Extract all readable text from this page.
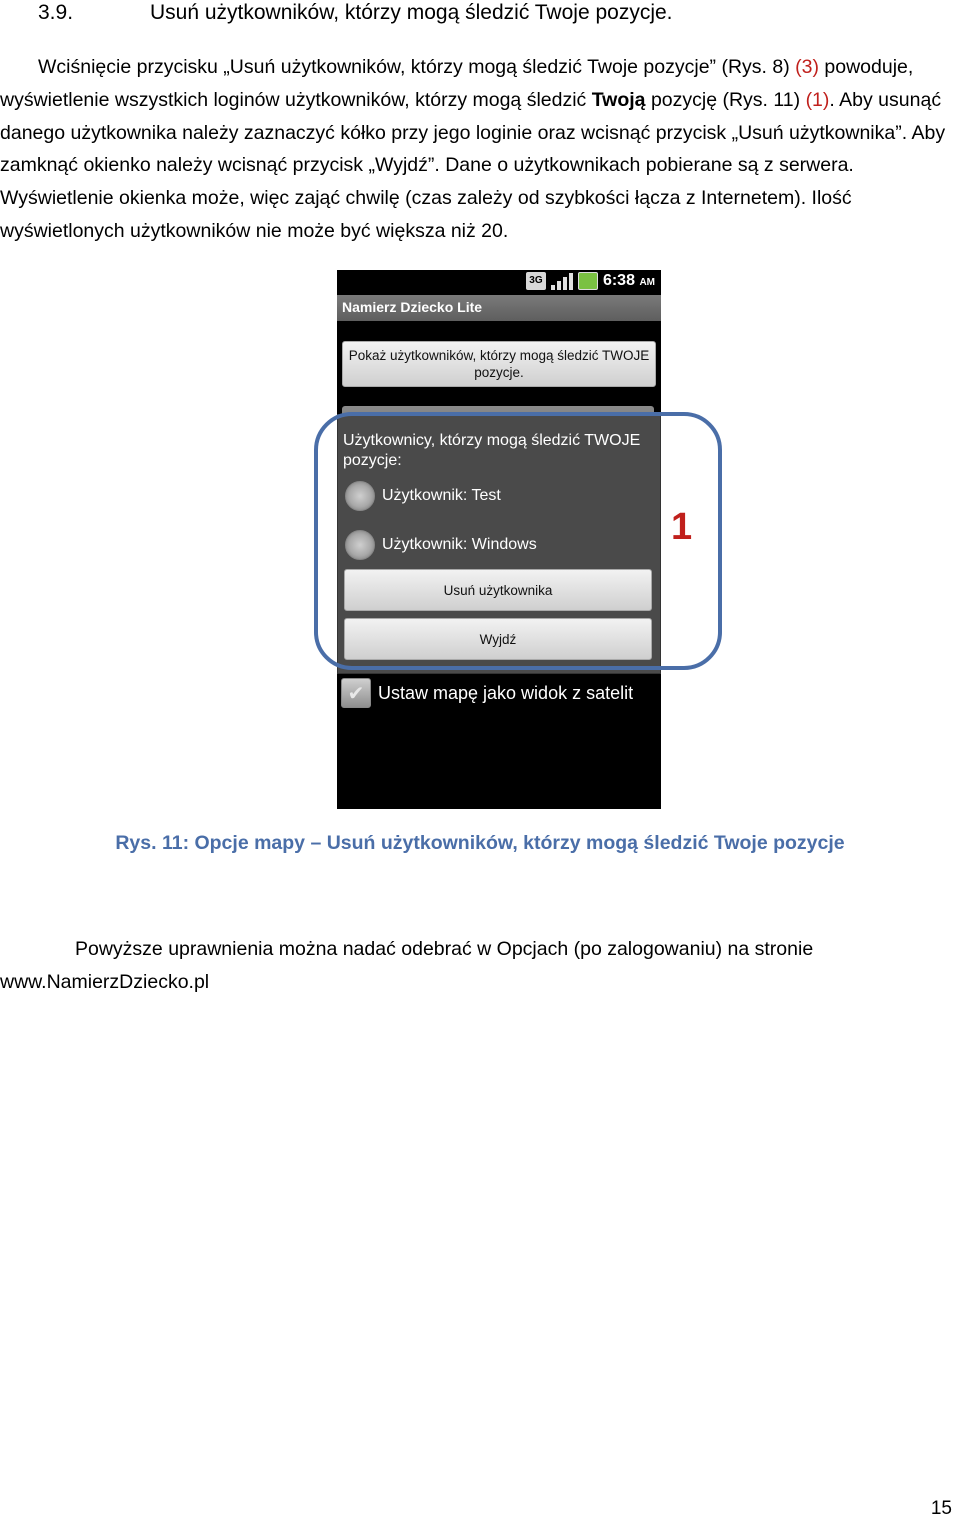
3.9.	Usuń użytkowników, którzy mogą śledzić Twoje pozycje.
Wciśnięcie przycisku „Usuń użytkowników, którzy mogą śledzić Twoje pozycje” (Rys. 8) (3) powoduje, wyświetlenie wszystkich loginów użytkowników, którzy mogą śledzić Twoją pozycję (Rys. 11) (1). Aby usunąć danego użytkownika należy zaznaczyć kółko przy jego loginie oraz wcisnąć przycisk „Usuń użytkownika”. Aby zamknąć okienko należy wcisnąć przycisk „Wyjdź”. Dane o użytkownikach pobierane są z serwera. Wyświetlenie okienka może, więc zająć chwilę (czas zależy od szybkości łącza z Internetem). Ilość wyświetlonych użytkowników nie może być większa niż 20.
3G	6:38 AM
Namierz Dziecko Lite
Pokaż użytkowników, którzy mogą śledzić TWOJE pozycje.
Użytkownicy, którzy mogą śledzić TWOJE pozycje:
Użytkownik: Test
Użytkownik: Windows
Usuń użytkownika
Wyjdź
✔ Ustaw mapę jako widok z satelit
1
Rys. 11: Opcje mapy – Usuń użytkowników, którzy mogą śledzić Twoje pozycje
Powyższe uprawnienia można nadać odebrać w Opcjach (po zalogowaniu) na stronie www.NamierzDziecko.pl
15
